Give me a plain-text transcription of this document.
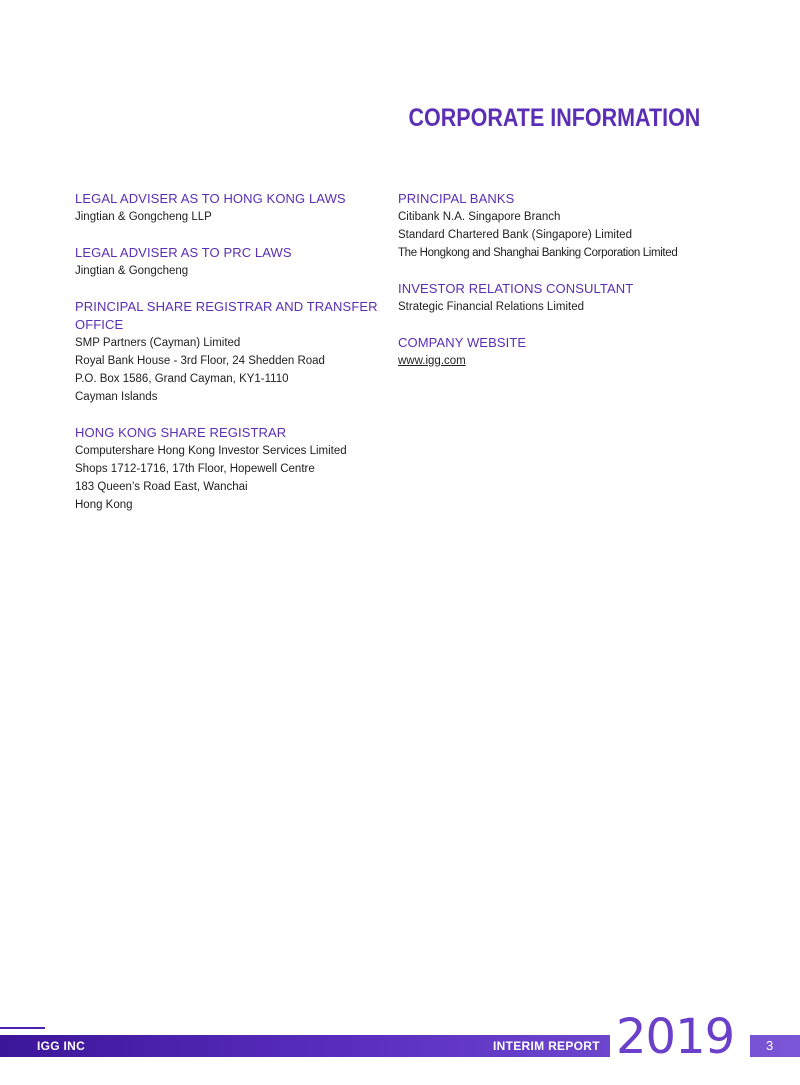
CORPORATE INFORMATION
LEGAL ADVISER AS TO HONG KONG LAWS
Jingtian & Gongcheng LLP
LEGAL ADVISER AS TO PRC LAWS
Jingtian & Gongcheng
PRINCIPAL SHARE REGISTRAR AND TRANSFER OFFICE
SMP Partners (Cayman) Limited
Royal Bank House - 3rd Floor, 24 Shedden Road
P.O. Box 1586, Grand Cayman, KY1-1110
Cayman Islands
HONG KONG SHARE REGISTRAR
Computershare Hong Kong Investor Services Limited
Shops 1712-1716, 17th Floor, Hopewell Centre
183 Queen’s Road East, Wanchai
Hong Kong
PRINCIPAL BANKS
Citibank N.A. Singapore Branch
Standard Chartered Bank (Singapore) Limited
The Hongkong and Shanghai Banking Corporation Limited
INVESTOR RELATIONS CONSULTANT
Strategic Financial Relations Limited
COMPANY WEBSITE
www.igg.com
IGG INC	INTERIM REPORT 2019 3
